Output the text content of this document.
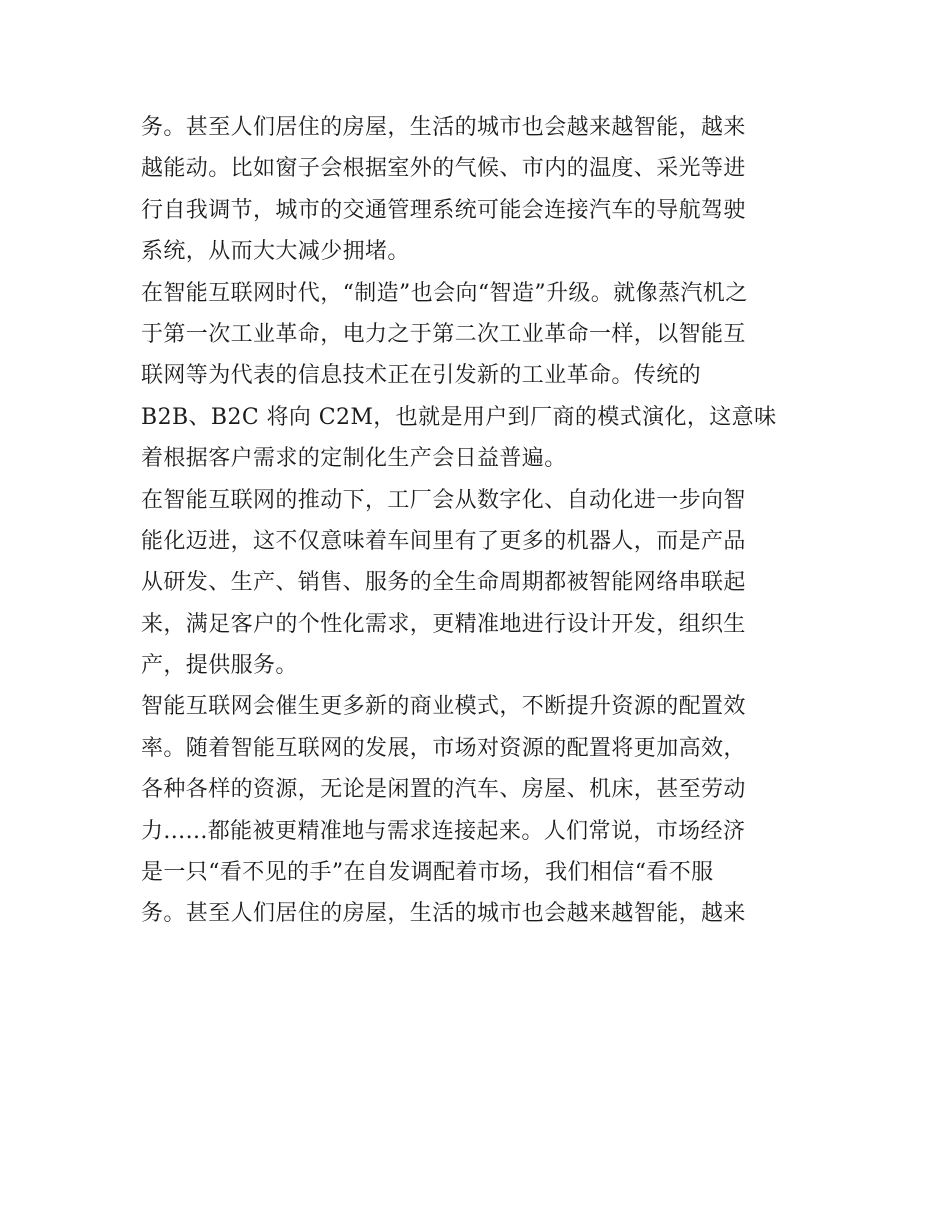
务。甚至人们居住的房屋，生活的城市也会越来越智能，越来
越能动。比如窗子会根据室外的气候、市内的温度、采光等进
行自我调节，城市的交通管理系统可能会连接汽车的导航驾驶
系统，从而大大减少拥堵。
在智能互联网时代，“制造”也会向“智造”升级。就像蒸汽机之
于第一次工业革命，电力之于第二次工业革命一样，以智能互
联网等为代表的信息技术正在引发新的工业革命。传统的
B2B、B2C 将向 C2M，也就是用户到厂商的模式演化，这意味
着根据客户需求的定制化生产会日益普遍。
在智能互联网的推动下，工厂会从数字化、自动化进一步向智
能化迈进，这不仅意味着车间里有了更多的机器人，而是产品
从研发、生产、销售、服务的全生命周期都被智能网络串联起
来，满足客户的个性化需求，更精准地进行设计开发，组织生
产，提供服务。
智能互联网会催生更多新的商业模式，不断提升资源的配置效
率。随着智能互联网的发展，市场对资源的配置将更加高效，
各种各样的资源，无论是闲置的汽车、房屋、机床，甚至劳动
力......都能被更精准地与需求连接起来。人们常说，市场经济
是一只“看不见的手”在自发调配着市场，我们相信“看不服
务。甚至人们居住的房屋，生活的城市也会越来越智能，越来
